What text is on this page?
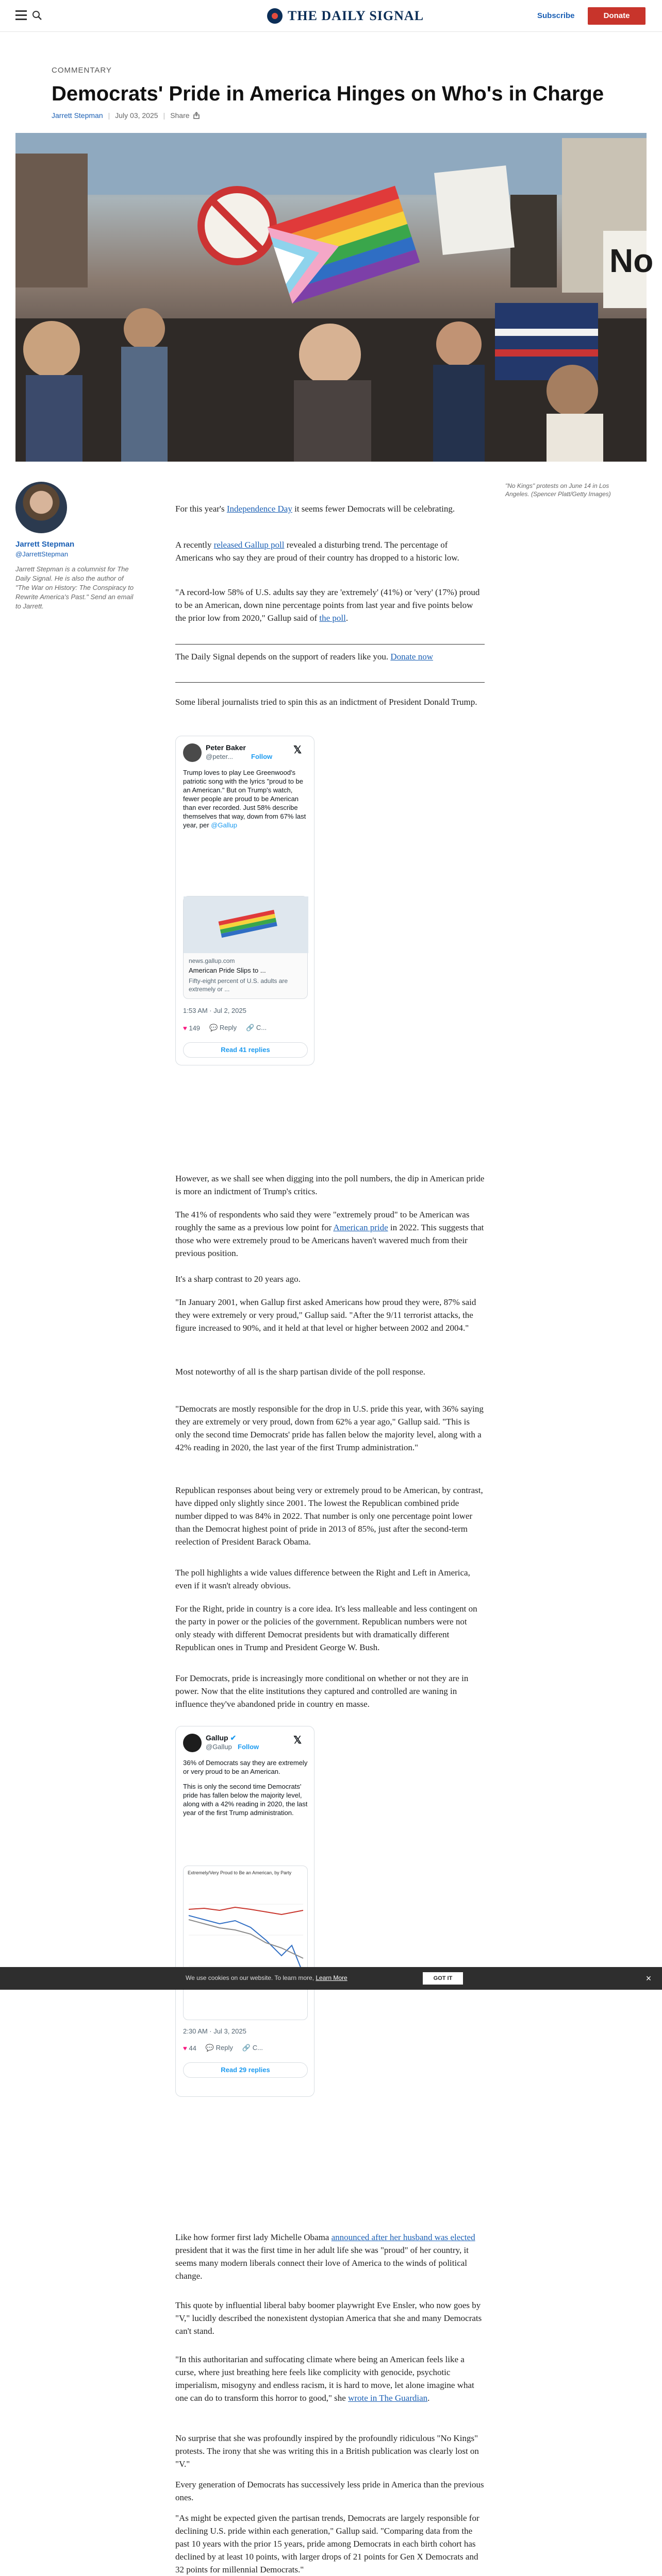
THE DAILY SIGNAL	Subscribe	Donate
COMMENTARY
Democrats' Pride in America Hinges on Who's in Charge
Jarrett Stepman | July 03, 2025 | Share
No
"No Kings" protests on June 14 in Los Angeles. (Spencer Platt/Getty Images)
Jarrett Stepman
@JarrettStepman
Jarrett Stepman is a columnist for The Daily Signal. He is also the author of "The War on History: The Conspiracy to Rewrite America's Past." Send an email to Jarrett.

For this year's Independence Day it seems fewer Democrats will be celebrating.

A recently released Gallup poll revealed a disturbing trend. The percentage of Americans who say they are proud of their country has dropped to a historic low.

"A record-low 58% of U.S. adults say they are 'extremely' (41%) or 'very' (17%) proud to be an American, down nine percentage points from last year and five points below the prior low from 2020," Gallup said of the poll.

The Daily Signal depends on the support of readers like you. Donate now

Some liberal journalists tried to spin this as an indictment of President Donald Trump.

Peter Baker
@peter...	Follow
𝕏
Trump loves to play Lee Greenwood's patriotic song with the lyrics "proud to be an American." But on Trump's watch, fewer people are proud to be American than ever recorded. Just 58% describe themselves that way, down from 67% last year, per @Gallup
news.gallup.com
American Pride Slips to ...
Fifty-eight percent of U.S. adults are extremely or ...
1:53 AM · Jul 2, 2025
♥ 149 💬 Reply 🔗 C...
Read 41 replies

However, as we shall see when digging into the poll numbers, the dip in American pride is more an indictment of Trump's critics.

The 41% of respondents who said they were "extremely proud" to be American was roughly the same as a previous low point for American pride in 2022. This suggests that those who were extremely proud to be Americans haven't wavered much from their previous position.

It's a sharp contrast to 20 years ago.

"In January 2001, when Gallup first asked Americans how proud they were, 87% said they were extremely or very proud," Gallup said. "After the 9/11 terrorist attacks, the figure increased to 90%, and it held at that level or higher between 2002 and 2004."

Most noteworthy of all is the sharp partisan divide of the poll response.

"Democrats are mostly responsible for the drop in U.S. pride this year, with 36% saying they are extremely or very proud, down from 62% a year ago," Gallup said. "This is only the second time Democrats' pride has fallen below the majority level, along with a 42% reading in 2020, the last year of the first Trump administration."

Republican responses about being very or extremely proud to be American, by contrast, have dipped only slightly since 2001. The lowest the Republican combined pride number dipped to was 84% in 2022. That number is only one percentage point lower than the Democrat highest point of pride in 2013 of 85%, just after the second-term reelection of President Barack Obama.

The poll highlights a wide values difference between the Right and Left in America, even if it wasn't already obvious.

For the Right, pride in country is a core idea. It's less malleable and less contingent on the party in power or the policies of the government. Republican numbers were not only steady with different Democrat presidents but with dramatically different Republican ones in Trump and President George W. Bush.

For Democrats, pride is increasingly more conditional on whether or not they are in power. Now that the elite institutions they captured and controlled are waning in influence they've abandoned pride in country en masse.

Gallup ✔
@Gallup Follow
𝕏
36% of Democrats say they are extremely or very proud to be an American.
This is only the second time Democrats' pride has fallen below the majority level, along with a 42% reading in 2020, the last year of the first Trump administration.
Extremely/Very Proud to Be an American, by Party
2:30 AM · Jul 3, 2025
♥ 44 💬 Reply 🔗 C...
Read 29 replies
We use cookies on our website. To learn more, Learn More	GOT IT	×

Like how former first lady Michelle Obama announced after her husband was elected president that it was the first time in her adult life she was "proud" of her country, it seems many modern liberals connect their love of America to the winds of political change.

This quote by influential liberal baby boomer playwright Eve Ensler, who now goes by "V," lucidly described the nonexistent dystopian America that she and many Democrats can't stand.

"In this authoritarian and suffocating climate where being an American feels like a curse, where just breathing here feels like complicity with genocide, psychotic imperialism, misogyny and endless racism, it is hard to move, let alone imagine what one can do to transform this horror to good," she wrote in The Guardian.

No surprise that she was profoundly inspired by the profoundly ridiculous "No Kings" protests. The irony that she was writing this in a British publication was clearly lost on "V."

Every generation of Democrats has successively less pride in America than the previous ones.

"As might be expected given the partisan trends, Democrats are largely responsible for declining U.S. pride within each generation," Gallup said. "Comparing data from the past 10 years with the prior 15 years, pride among Democrats in each birth cohort has declined by at least 10 points, with larger drops of 21 points for Gen X Democrats and 32 points for millennial Democrats."
